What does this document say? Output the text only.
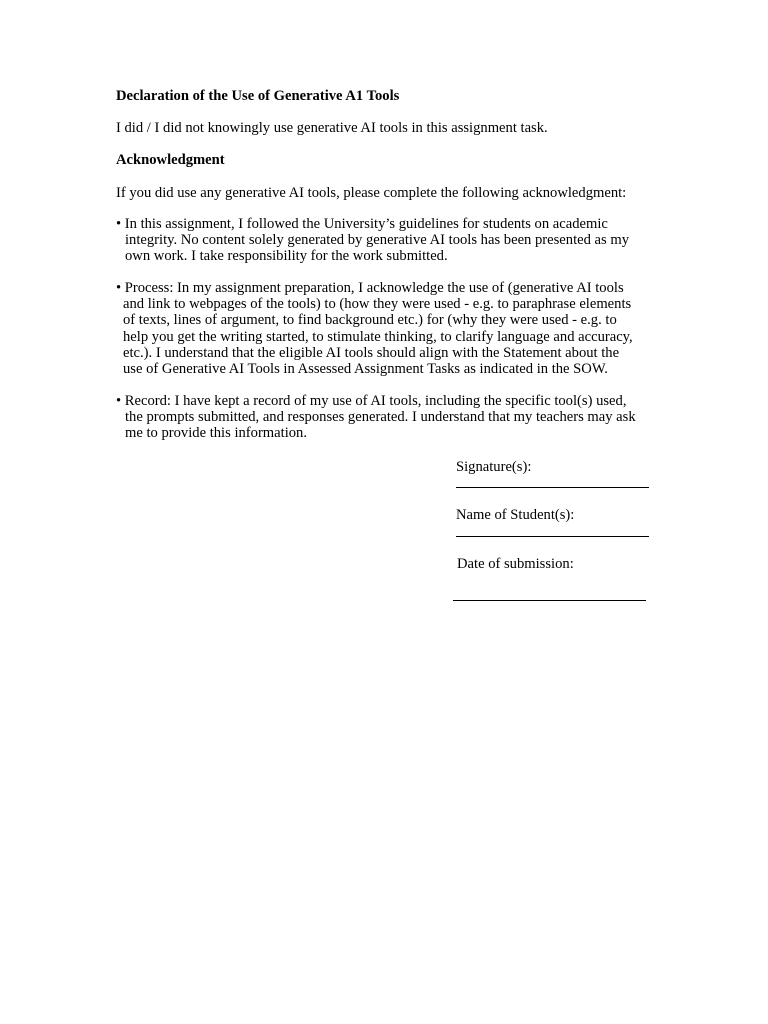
Declaration of the Use of Generative A1 Tools
I did / I did not knowingly use generative AI tools in this assignment task.
Acknowledgment
If you did use any generative AI tools, please complete the following acknowledgment:
• In this assignment, I followed the University’s guidelines for students on academic
integrity. No content solely generated by generative AI tools has been presented as my
own work. I take responsibility for the work submitted.
• Process: In my assignment preparation, I acknowledge the use of (generative AI tools
and link to webpages of the tools) to (how they were used - e.g. to paraphrase elements
of texts, lines of argument, to find background etc.) for (why they were used - e.g. to
help you get the writing started, to stimulate thinking, to clarify language and accuracy,
etc.). I understand that the eligible AI tools should align with the Statement about the
use of Generative AI Tools in Assessed Assignment Tasks as indicated in the SOW.
• Record: I have kept a record of my use of AI tools, including the specific tool(s) used,
the prompts submitted, and responses generated. I understand that my teachers may ask
me to provide this information.
Signature(s):
Name of Student(s):
Date of submission:
